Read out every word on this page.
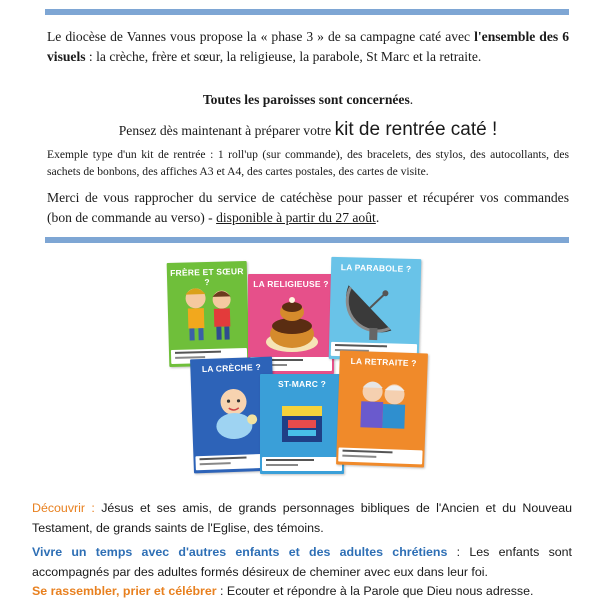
Le diocèse de Vannes vous propose la « phase 3 » de sa campagne caté avec l'ensemble des 6 visuels : la crèche, frère et sœur, la religieuse, la parabole, St Marc et la retraite.

Toutes les paroisses sont concernées.

Pensez dès maintenant à préparer votre kit de rentrée caté !

Exemple type d'un kit de rentrée : 1 roll'up (sur commande), des bracelets, des stylos, des autocollants, des sachets de bonbons, des affiches A3 et A4, des cartes postales, des cartes de visite.

Merci de vous rapprocher du service de catéchèse pour passer et récupérer vos commandes (bon de commande au verso) - disponible à partir du 27 août.

FRÈRE ET SŒUR ?	LA RELIGIEUSE ?
LA PARABOLE ?
LA CRÈCHE ?
ST-MARC ?
LA RETRAITE ?

Découvrir : Jésus et ses amis, de grands personnages bibliques de l'Ancien et du Nouveau Testament, de grands saints de l'Eglise, des témoins.

Vivre un temps avec d'autres enfants et des adultes chrétiens : Les enfants sont accompagnés par des adultes formés désireux de cheminer avec eux dans leur foi.

Se rassembler, prier et célébrer : Ecouter et répondre à la Parole que Dieu nous adresse.
